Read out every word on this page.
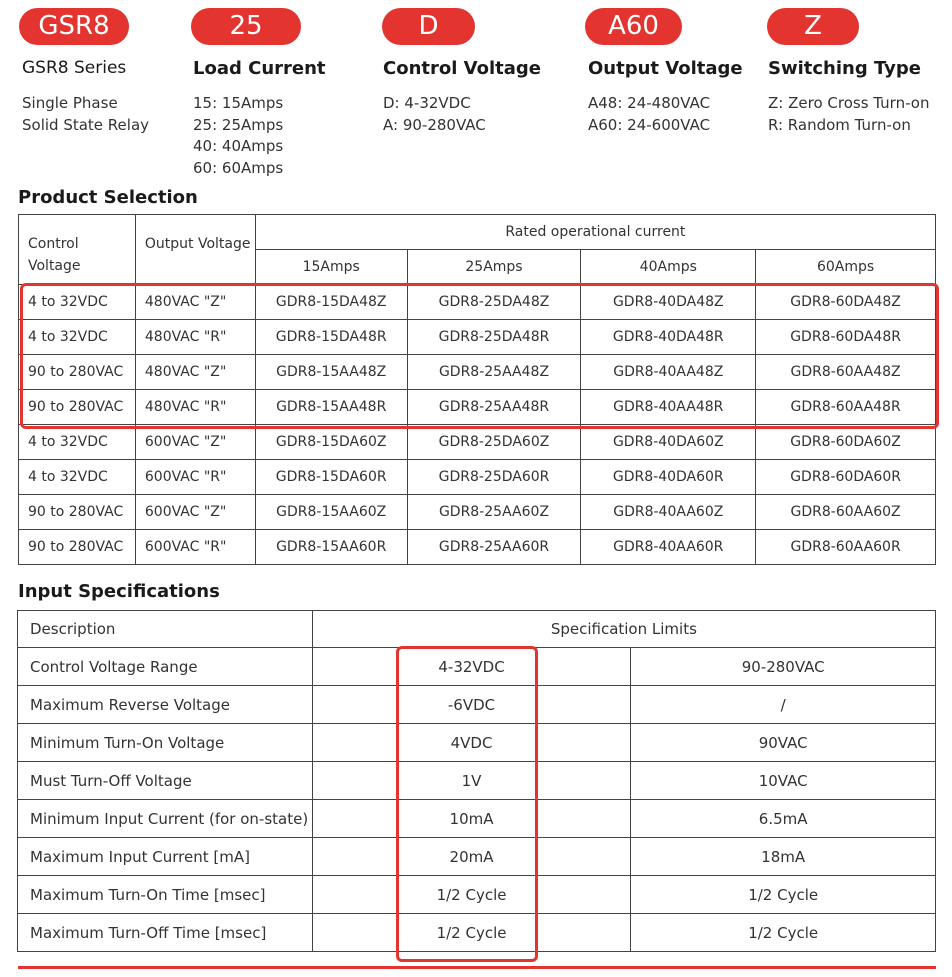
GSR8
GSR8 Series
Single Phase
Solid State Relay
25
Load Current
15: 15Amps
25: 25Amps
40: 40Amps
60: 60Amps
D
Control Voltage
D: 4-32VDC
A: 90-280VAC
A60
Output Voltage
A48: 24-480VAC
A60: 24-600VAC
Z
Switching Type
Z: Zero Cross Turn-on
R: Random Turn-on
Product Selection
Control Voltage	Output Voltage	Rated operational current			
		15Amps	25Amps	40Amps	60Amps
4 to 32VDC	480VAC "Z"	GDR8-15DA48Z	GDR8-25DA48Z	GDR8-40DA48Z	GDR8-60DA48Z
4 to 32VDC	480VAC "R"	GDR8-15DA48R	GDR8-25DA48R	GDR8-40DA48R	GDR8-60DA48R
90 to 280VAC	480VAC "Z"	GDR8-15AA48Z	GDR8-25AA48Z	GDR8-40AA48Z	GDR8-60AA48Z
90 to 280VAC	480VAC "R"	GDR8-15AA48R	GDR8-25AA48R	GDR8-40AA48R	GDR8-60AA48R
4 to 32VDC	600VAC "Z"	GDR8-15DA60Z	GDR8-25DA60Z	GDR8-40DA60Z	GDR8-60DA60Z
4 to 32VDC	600VAC "R"	GDR8-15DA60R	GDR8-25DA60R	GDR8-40DA60R	GDR8-60DA60R
90 to 280VAC	600VAC "Z"	GDR8-15AA60Z	GDR8-25AA60Z	GDR8-40AA60Z	GDR8-60AA60Z
90 to 280VAC	600VAC "R"	GDR8-15AA60R	GDR8-25AA60R	GDR8-40AA60R	GDR8-60AA60R
Input Specifications
Description	Specification Limits	
Control Voltage Range	4-32VDC	90-280VAC
Maximum Reverse Voltage	-6VDC	/
Minimum Turn-On Voltage	4VDC	90VAC
Must Turn-Off Voltage	1V	10VAC
Minimum Input Current (for on-state)	10mA	6.5mA
Maximum Input Current [mA]	20mA	18mA
Maximum Turn-On Time [msec]	1/2 Cycle	1/2 Cycle
Maximum Turn-Off Time [msec]	1/2 Cycle	1/2 Cycle
